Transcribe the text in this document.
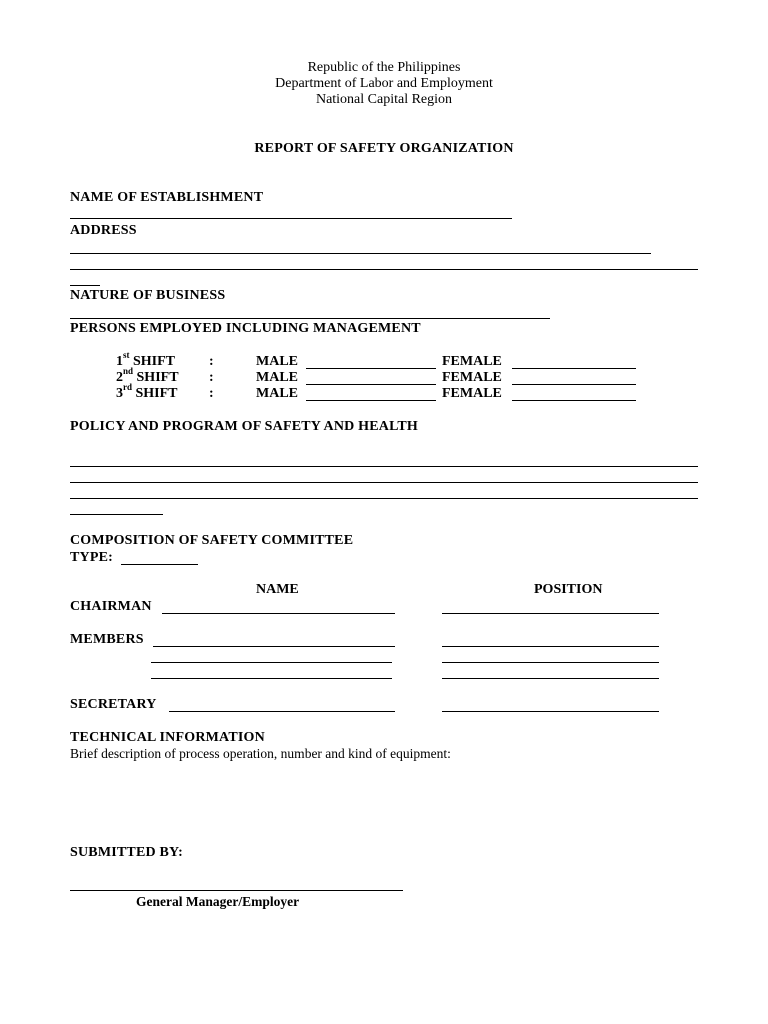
Republic of the Philippines
Department of Labor and Employment
National Capital Region
REPORT OF SAFETY ORGANIZATION
NAME OF ESTABLISHMENT
ADDRESS
NATURE OF BUSINESS
PERSONS EMPLOYED INCLUDING MANAGEMENT
1st SHIFT :	MALE	FEMALE
2nd SHIFT :	MALE	FEMALE
3rd SHIFT :	MALE	FEMALE
POLICY AND PROGRAM OF SAFETY AND HEALTH
COMPOSITION OF SAFETY COMMITTEE
TYPE:
NAME	POSITION
CHAIRMAN
MEMBERS
SECRETARY
TECHNICAL INFORMATION
Brief description of process operation, number and kind of equipment:
SUBMITTED BY:
General Manager/Employer
